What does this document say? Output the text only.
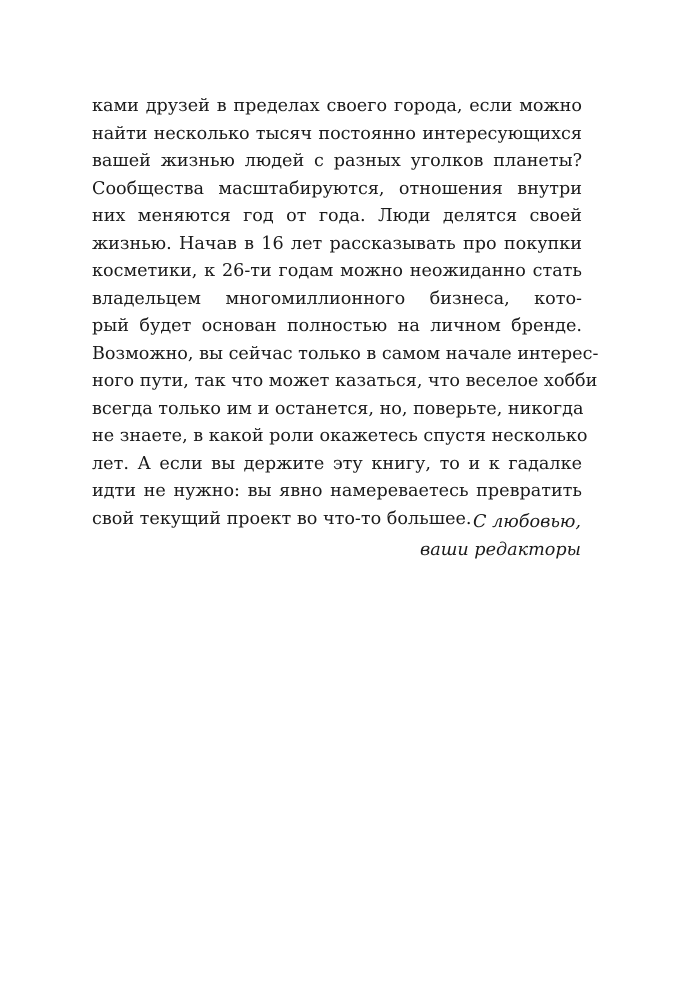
ками друзей в пределах своего города, если можно
найти несколько тысяч постоянно интересующихся
вашей жизнью людей с разных уголков планеты?
Сообщества масштабируются, отношения внутри
них меняются год от года. Люди делятся своей
жизнью. Начав в 16 лет рассказывать про покупки
косметики, к 26-ти годам можно неожиданно стать
владельцем многомиллионного бизнеса, кото-
рый будет основан полностью на личном бренде.
Возможно, вы сейчас только в самом начале интерес-
ного пути, так что может казаться, что веселое хобби
всегда только им и останется, но, поверьте, никогда
не знаете, в какой роли окажетесь спустя несколько
лет. А если вы держите эту книгу, то и к гадалке
идти не нужно: вы явно намереваетесь превратить
свой текущий проект во что-то большее. С любовью,
ваши редакторы
